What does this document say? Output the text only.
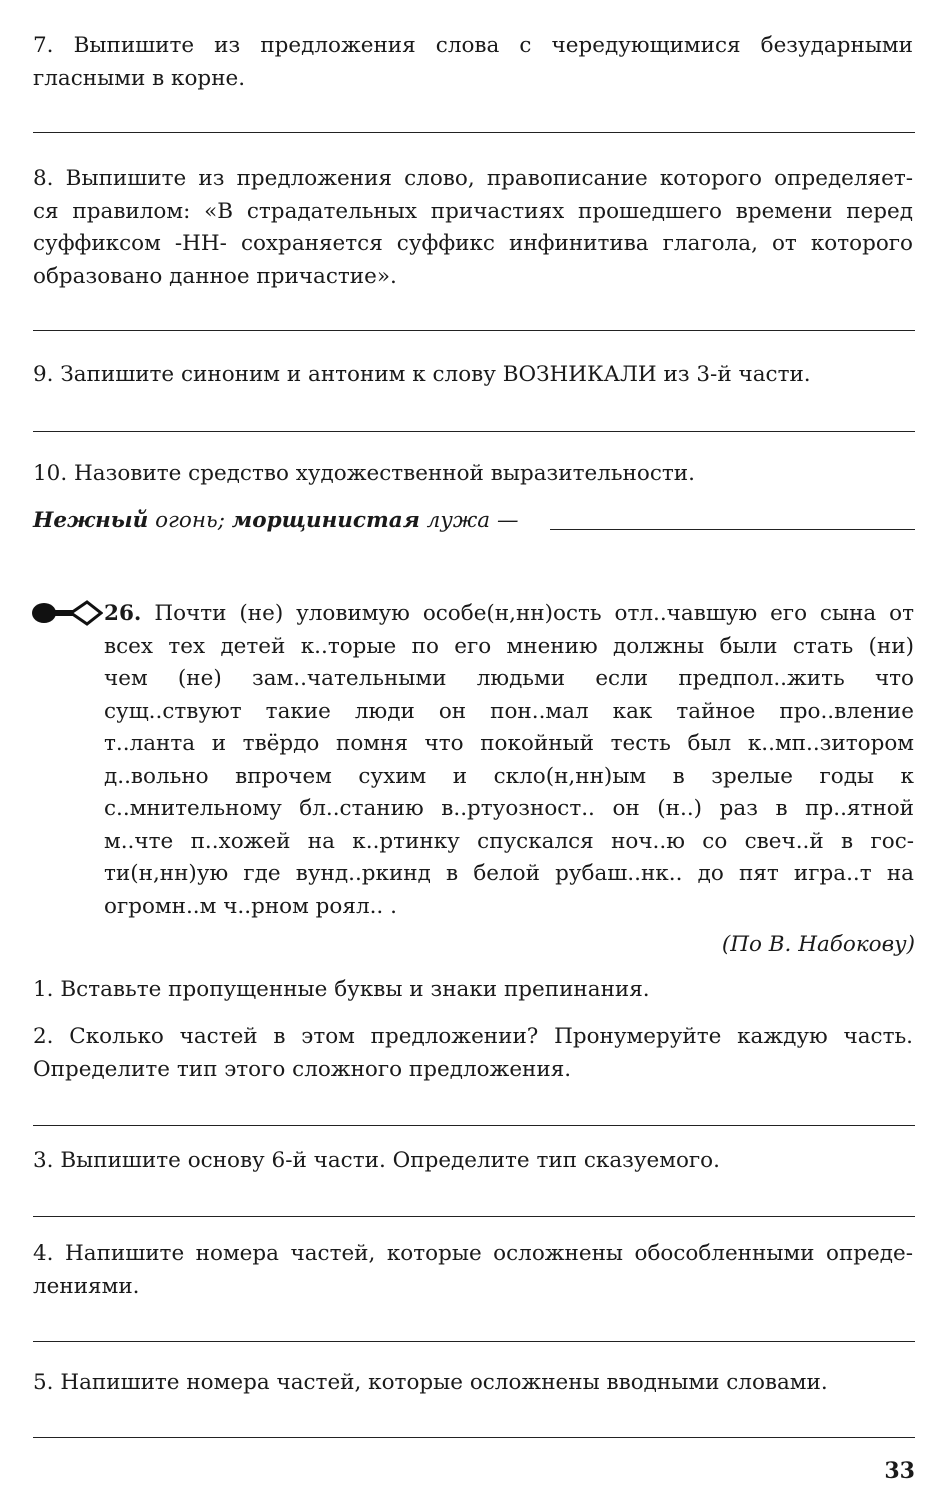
7. Выпишите из предложения слова с чередующимися безударными

гласными в корне.

8. Выпишите из предложения слово, правописание которого определяет-

ся правилом: «В страдательных причастиях прошедшего времени перед

суффиксом -НН- сохраняется суффикс инфинитива глагола, от которого

образовано данное причастие».

9. Запишите синоним и антоним к слову ВОЗНИКАЛИ из 3-й части.
10. Назовите средство художественной выразительности.
Нежный огонь; морщинистая лужа —

26. Почти (не) уловимую особе(н,нн)ость отл..чавшую его сына от

всех тех детей к..торые по его мнению должны были стать (ни)

чем (не) зам..чательными людьми если предпол..жить что

сущ..ствуют такие люди он пон..мал как тайное про..вление

т..ланта и твёрдо помня что покойный тесть был к..мп..зитором

д..вольно впрочем сухим и скло(н,нн)ым в зрелые годы к

с..мнительному бл..станию в..ртуозност.. он (н..) раз в пр..ятной

м..чте п..хожей на к..ртинку спускался ноч..ю со свеч..й в гос-

ти(н,нн)ую где вунд..ркинд в белой рубаш..нк.. до пят игра..т на

огромн..м ч..рном роял.. .

(По В. Набокову)
1. Вставьте пропущенные буквы и знаки препинания.

2. Сколько частей в этом предложении? Пронумеруйте каждую часть.

Определите тип этого сложного предложения.

3. Выпишите основу 6-й части. Определите тип сказуемого.

4. Напишите номера частей, которые осложнены обособленными опреде-

лениями.

5. Напишите номера частей, которые осложнены вводными словами.
33
